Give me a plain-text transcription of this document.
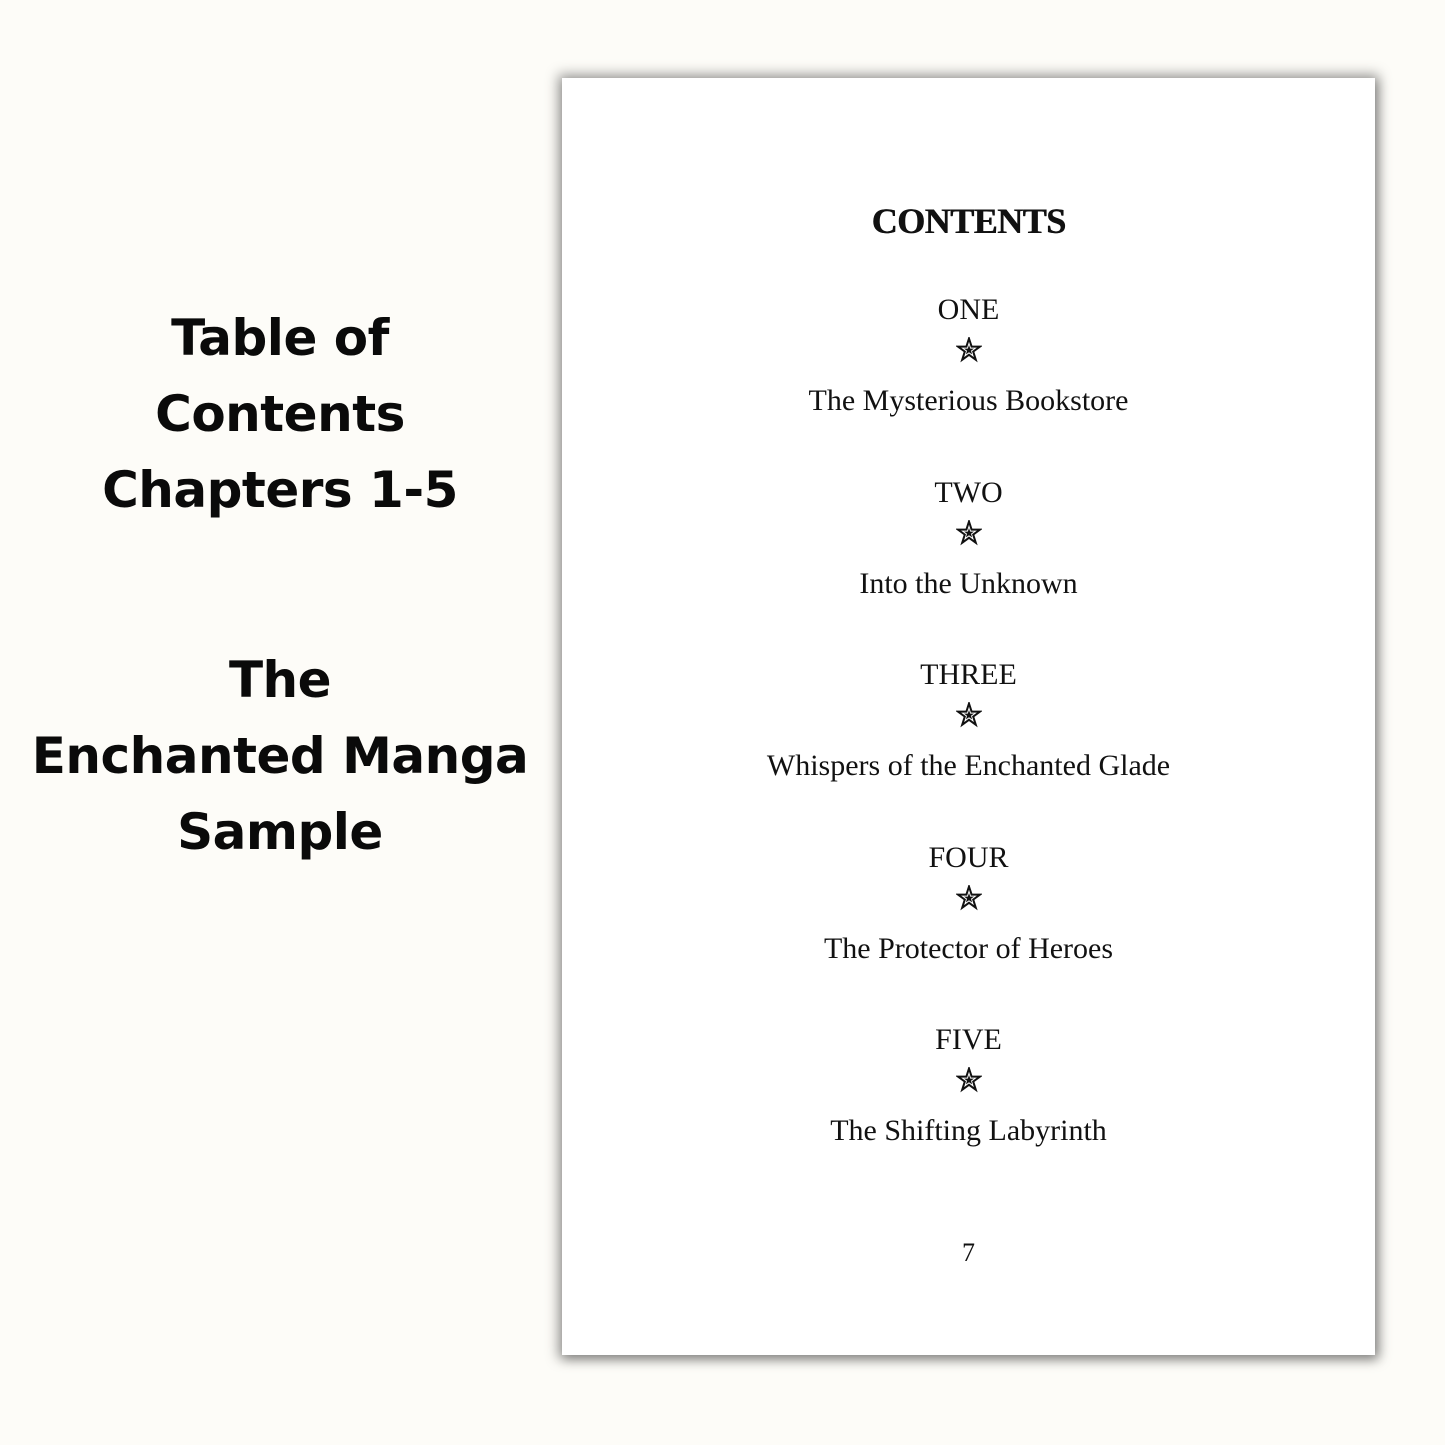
Table of
Contents
Chapters 1-5
The
Enchanted Manga
Sample
CONTENTS
ONE
The Mysterious Bookstore
TWO
Into the Unknown
THREE
Whispers of the Enchanted Glade
FOUR
The Protector of Heroes
FIVE
The Shifting Labyrinth
7
